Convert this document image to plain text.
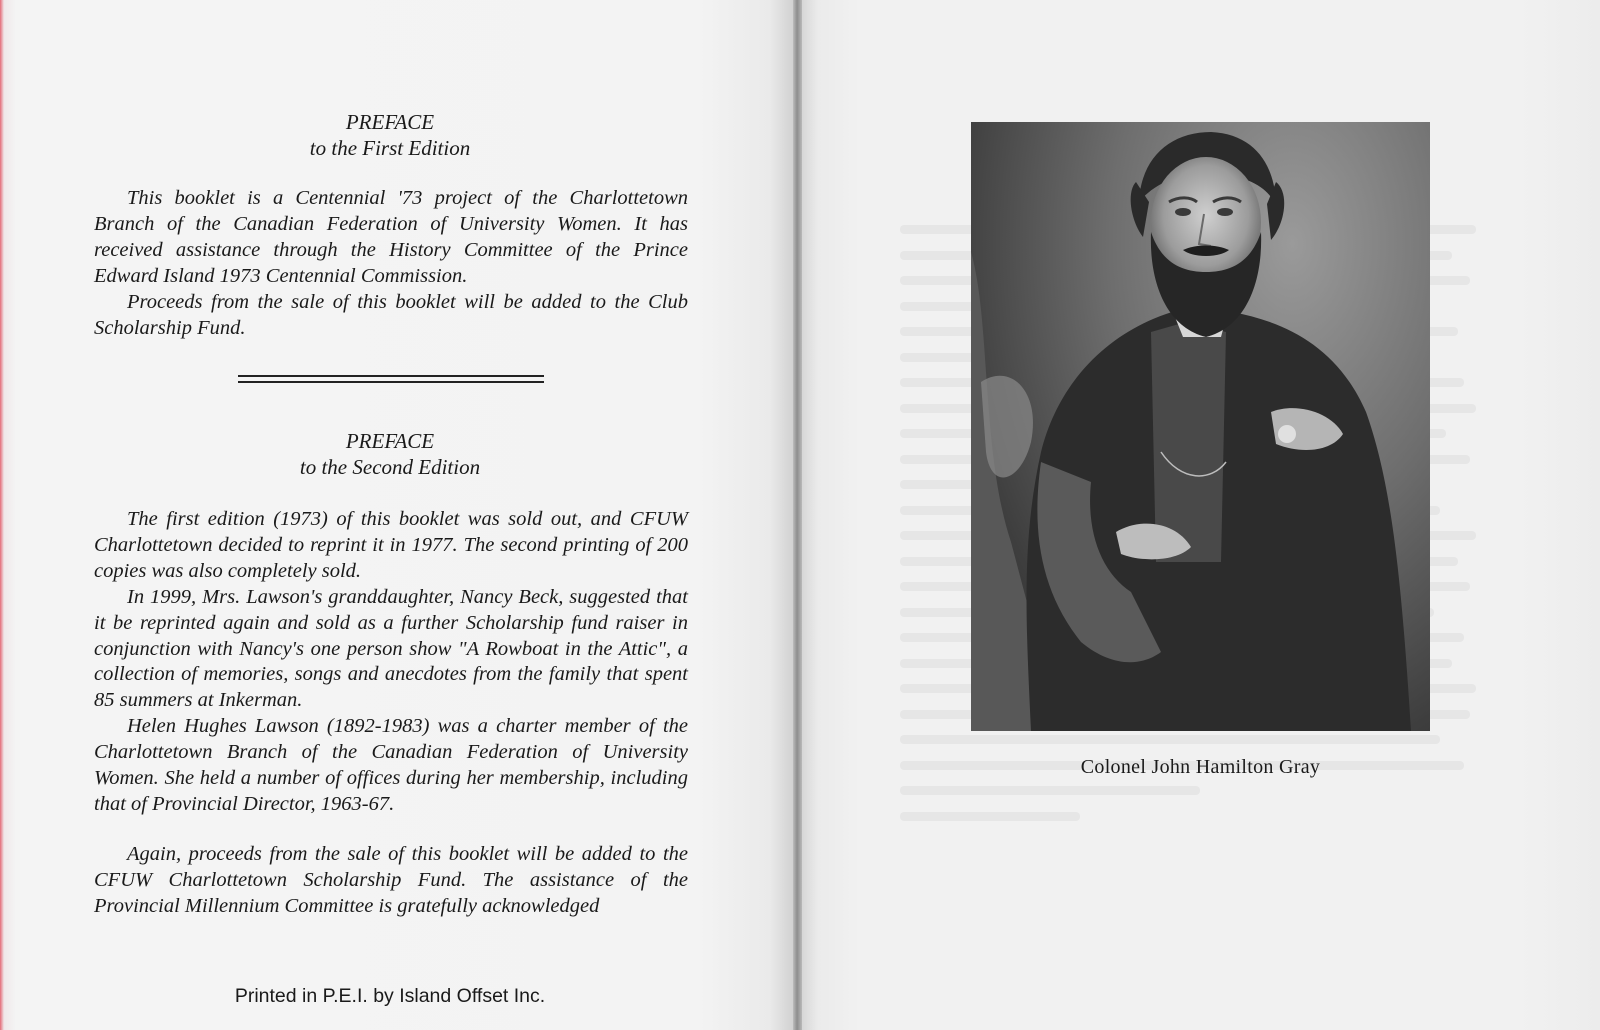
PREFACE
to the First Edition

This booklet is a Centennial '73 project of the Charlottetown Branch of the Canadian Federation of University Women. It has received assistance through the History Committee of the Prince Edward Island 1973 Centennial Commission.

Proceeds from the sale of this booklet will be added to the Club Scholarship Fund.

PREFACE
to the Second Edition

The first edition (1973) of this booklet was sold out, and CFUW Charlottetown decided to reprint it in 1977. The second printing of 200 copies was also completely sold.

In 1999, Mrs. Lawson's granddaughter, Nancy Beck, suggested that it be reprinted again and sold as a further Scholarship fund raiser in conjunction with Nancy's one person show "A Rowboat in the Attic", a collection of memories, songs and anecdotes from the family that spent 85 summers at Inkerman.

Helen Hughes Lawson (1892-1983) was a charter member of the Charlottetown Branch of the Canadian Federation of University Women. She held a number of offices during her membership, including that of Provincial Director, 1963-67.

Again, proceeds from the sale of this booklet will be added to the CFUW Charlottetown Scholarship Fund. The assistance of the Provincial Millennium Committee is gratefully acknowledged

Printed in P.E.I. by Island Offset Inc.
Colonel John Hamilton Gray
